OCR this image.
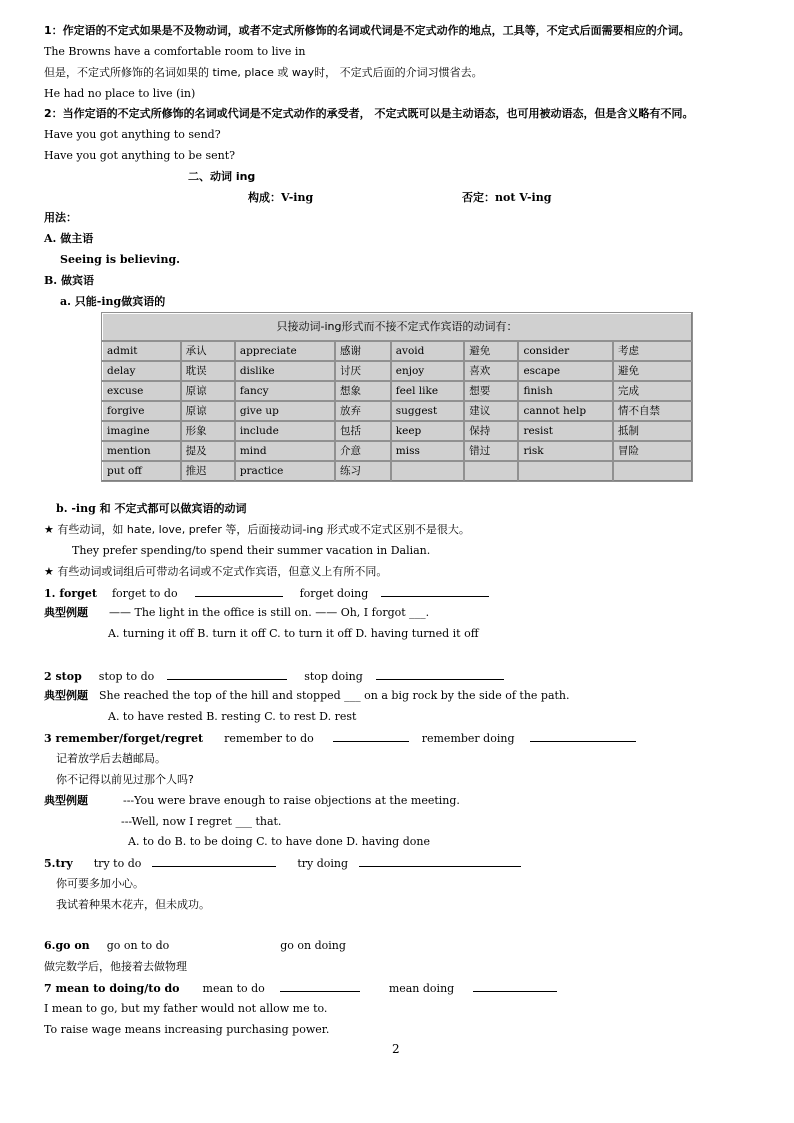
1：作定语的不定式如果是不及物动词，或者不定式所修饰的名词或代词是不定式动作的地点，工具等，不定式后面需要相应的介词。
The Browns have a comfortable room to live in
但是，不定式所修饰的名词如果的 time, place 或 way时， 不定式后面的介词习惯省去。
He had no place to live (in)
2：当作定语的不定式所修饰的名词或代词是不定式动作的承受者， 不定式既可以是主动语态，也可用被动语态，但是含义略有不同。
Have you got anything to send?
Have you got anything to be sent?
二、动词 ing
构成：V-ing	否定：not V-ing
用法：
A. 做主语
Seeing is believing.
B. 做宾语
a. 只能-ing做宾语的
只接动词-ing形式而不接不定式作宾语的动词有：							
admit	承认	appreciate	感谢	avoid	避免	consider	考虑
delay	耽误	dislike	讨厌	enjoy	喜欢	escape	避免
excuse	原谅	fancy	想象	feel like	想要	finish	完成
forgive	原谅	give up	放弃	suggest	建议	cannot help	情不自禁
imagine	形象	include	包括	keep	保持	resist	抵制
mention	提及	mind	介意	miss	错过	risk	冒险
put off	推迟	practice	练习				
b. -ing 和 不定式都可以做宾语的动词
★ 有些动词，如 hate, love, prefer 等，后面接动词-ing 形式或不定式区别不是很大。
They prefer spending/to spend their summer vacation in Dalian.
★ 有些动词或词组后可带动名词或不定式作宾语，但意义上有所不同。
1. forget forget to do	forget doing
典型例题 —— The light in the office is still on. —— Oh, I forgot ___.
A. turning it off B. turn it off C. to turn it off D. having turned it off
2 stop stop to do	stop doing
典型例题 She reached the top of the hill and stopped ___ on a big rock by the side of the path.
A. to have rested B. resting C. to rest D. rest
3 remember/forget/regret remember to do	remember doing
记着放学后去趟邮局。
你不记得以前见过那个人吗?
典型例题	---You were brave enough to raise objections at the meeting.
---Well, now I regret ___ that.
A. to do B. to be doing C. to have done D. having done
5.try try to do	try doing
你可要多加小心。
我试着种果木花卉，但未成功。
6.go on go on to do	go on doing
做完数学后，他接着去做物理
7 mean to doing/to do mean to do	mean doing
I mean to go, but my father would not allow me to.
To raise wage means increasing purchasing power.
2
